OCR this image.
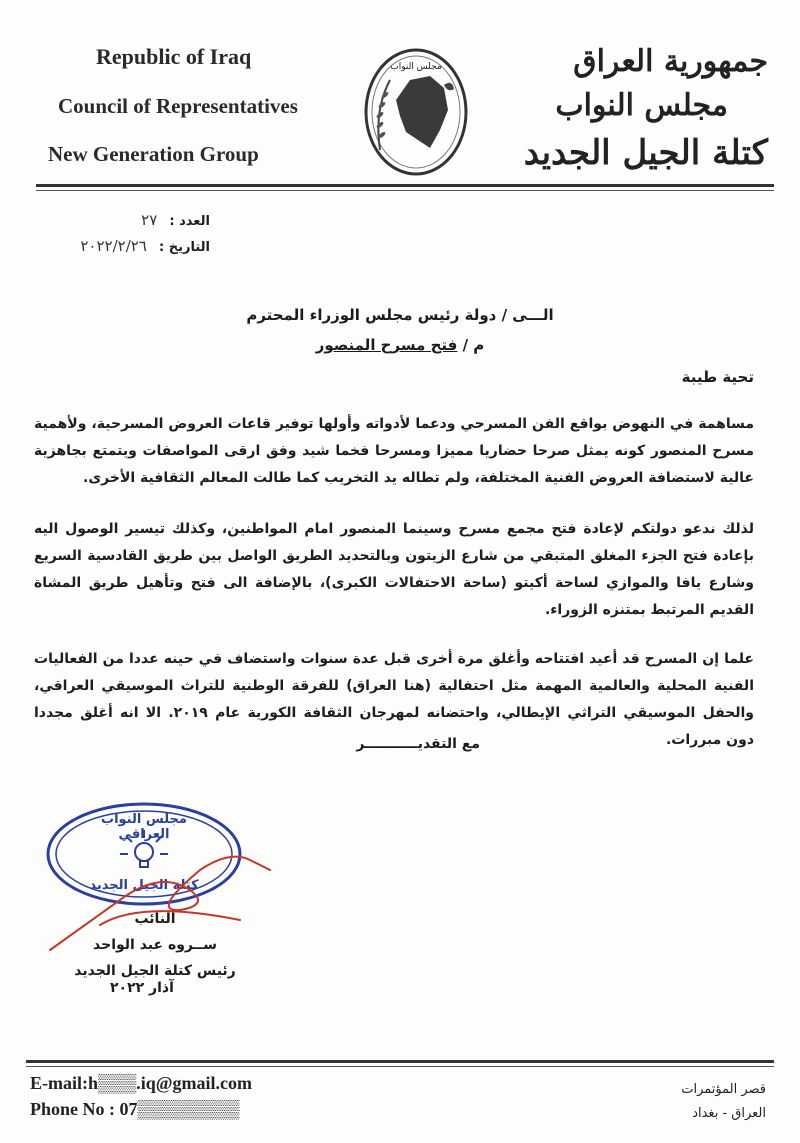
Republic of Iraq
Council of Representatives
New Generation Group
مجلس النواب	جمهورية العراق
مجلس النواب
كتلة الجيل الجديد
العدد : ٢٧
التاريخ : ٢٠٢٢/٢/٢٦
الـــى / دولة رئيس مجلس الوزراء المحترم
م / فتح مسرح المنصور
تحية طيبة
مساهمة في النهوض بواقع الفن المسرحي ودعما لأدواته وأولها توفير قاعات العروض المسرحية، ولأهمية مسرح المنصور كونه يمثل صرحا حضاريا مميزا ومسرحا فخما شيد وفق ارقى المواصفات ويتمتع بجاهزية عالية لاستضافة العروض الفنية المختلفة، ولم تطاله يد التخريب كما طالت المعالم الثقافية الأخرى.
لذلك ندعو دولتكم لإعادة فتح مجمع مسرح وسينما المنصور امام المواطنين، وكذلك تيسير الوصول اليه بإعادة فتح الجزء المغلق المتبقي من شارع الزيتون وبالتحديد الطريق الواصل بين طريق القادسية السريع وشارع يافا والموازي لساحة أكيتو (ساحة الاحتفالات الكبرى)، بالإضافة الى فتح وتأهيل طريق المشاة القديم المرتبط بمتنزه الزوراء.
علما إن المسرح قد أعيد افتتاحه وأغلق مرة أخرى قبل عدة سنوات واستضاف في حينه عددا من الفعاليات الفنية المحلية والعالمية المهمة مثل احتفالية (هنا العراق) للفرقة الوطنية للتراث الموسيقي العراقي، والحفل الموسيقي التراثي الإيطالي، واحتضانه لمهرجان الثقافة الكورية عام ٢٠١٩. الا انه أغلق مجددا دون مبررات.
مع التقديـــــــــــر
مجلس النواب العراقي
كتلة الجيل الجديد
النائب
ســروه عبد الواحد
رئيس كتلة الجيل الجديد
آذار ٢٠٢٢
E-mail:h▒▒▒.iq@gmail.com
Phone No : 07▒▒▒▒▒▒▒▒
قصر المؤتمرات
العراق - بغداد
